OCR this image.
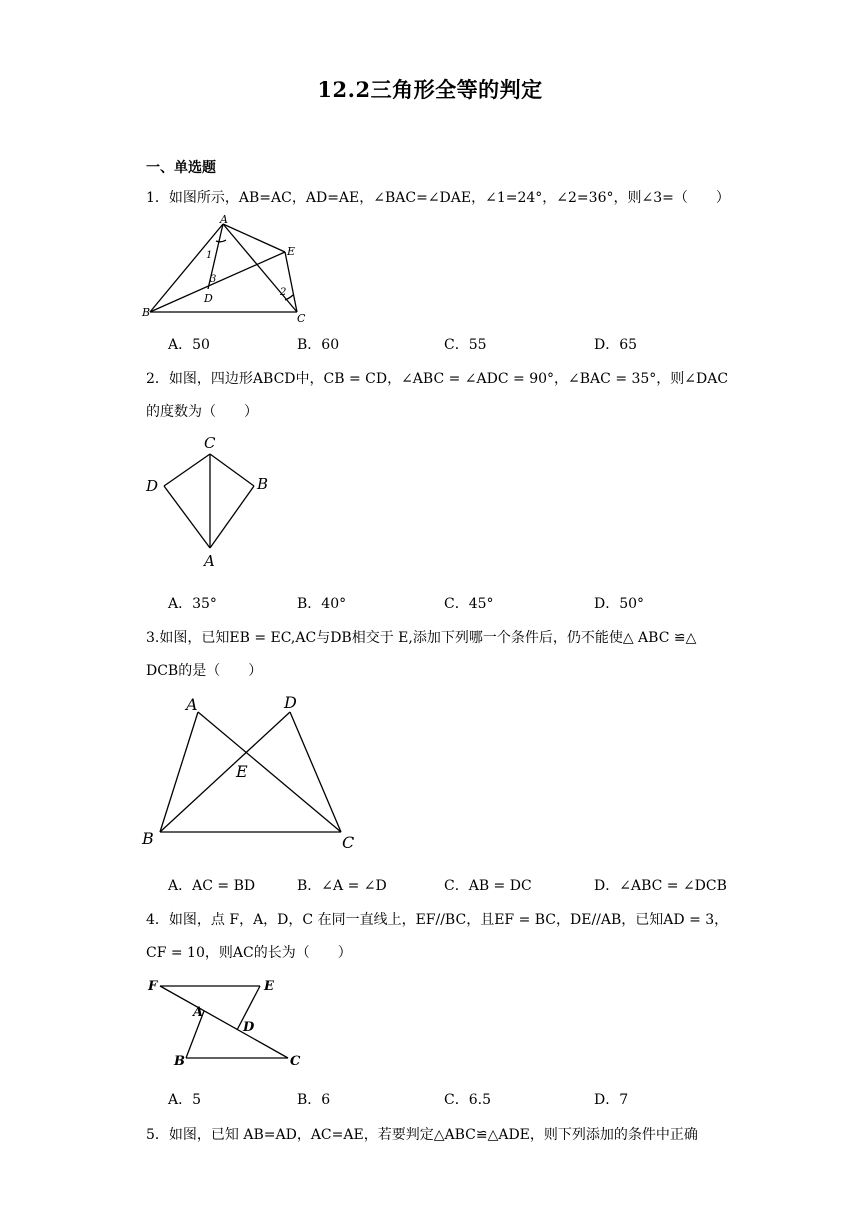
12.2三角形全等的判定
一、单选题
1．如图所示，AB=AC，AD=AE，∠BAC=∠DAE，∠1=24°，∠2=36°，则∠3=（　　）
A
B	C
D
E
1
2
3
A．50	B．60	C．55	D．65
2．如图，四边形ABCD中，CB = CD，∠ABC = ∠ADC = 90°，∠BAC = 35°，则∠DAC
的度数为（　　）
C
D	B
A
A．35°	B．40°	C．45°	D．50°
3.如图，已知EB = EC,AC与DB相交于 E,添加下列哪一个条件后，仍不能使△ ABC ≌△
DCB的是（　　）
A	D
E
B	C
A．AC = BD	B．∠A = ∠D	C．AB = DC	D．∠ABC = ∠DCB
4．如图，点 F，A，D，C 在同一直线上，EF//BC，且EF = BC，DE//AB，已知AD = 3，
CF = 10，则AC的长为（　　）
F	E
A
D
B	C
A．5	B．6	C．6.5	D．7
5．如图，已知 AB=AD，AC=AE，若要判定△ABC≌△ADE，则下列添加的条件中正确
